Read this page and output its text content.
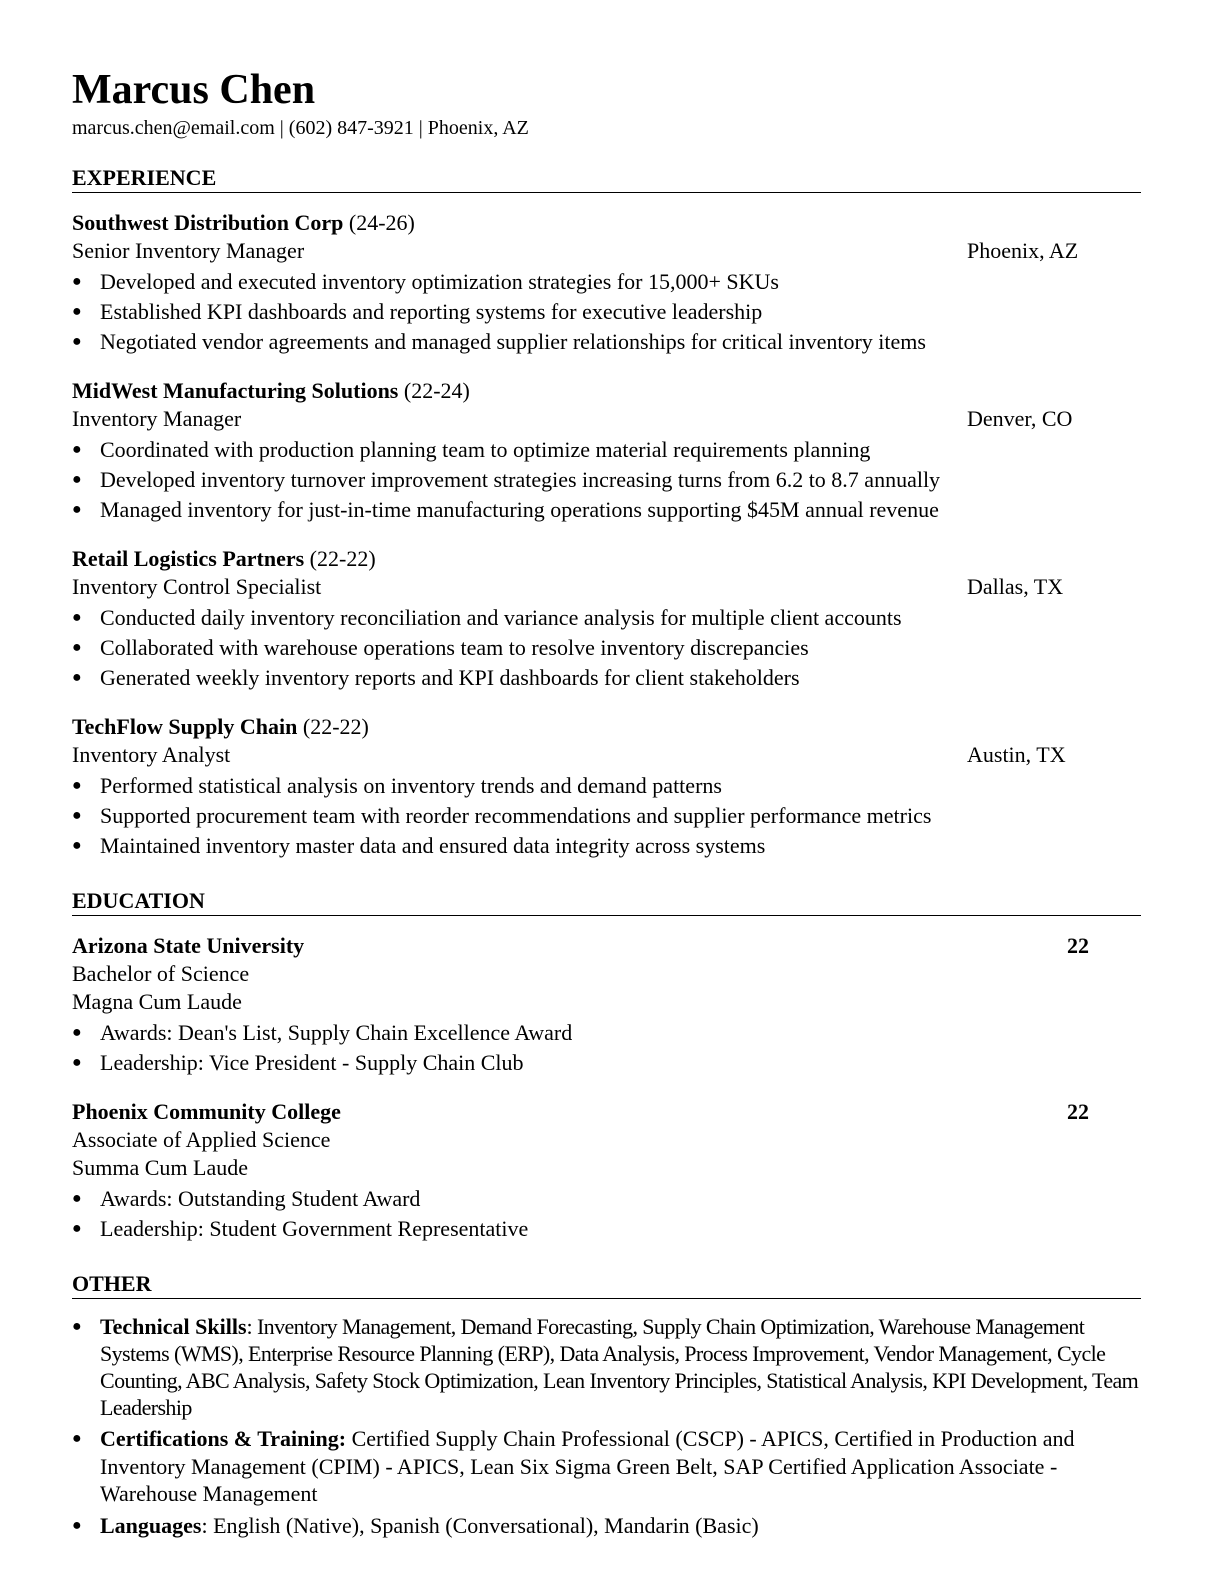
Marcus Chen
marcus.chen@email.com | (602) 847-3921 | Phoenix, AZ
EXPERIENCE
Southwest Distribution Corp (24-26)
Senior Inventory Manager	Phoenix, AZ
● Developed and executed inventory optimization strategies for 15,000+ SKUs
● Established KPI dashboards and reporting systems for executive leadership
● Negotiated vendor agreements and managed supplier relationships for critical inventory items
MidWest Manufacturing Solutions (22-24)
Inventory Manager	Denver, CO
● Coordinated with production planning team to optimize material requirements planning
● Developed inventory turnover improvement strategies increasing turns from 6.2 to 8.7 annually
● Managed inventory for just-in-time manufacturing operations supporting $45M annual revenue
Retail Logistics Partners (22-22)
Inventory Control Specialist	Dallas, TX
● Conducted daily inventory reconciliation and variance analysis for multiple client accounts
● Collaborated with warehouse operations team to resolve inventory discrepancies
● Generated weekly inventory reports and KPI dashboards for client stakeholders
TechFlow Supply Chain (22-22)
Inventory Analyst	Austin, TX
● Performed statistical analysis on inventory trends and demand patterns
● Supported procurement team with reorder recommendations and supplier performance metrics
● Maintained inventory master data and ensured data integrity across systems
EDUCATION
Arizona State University	22
Bachelor of Science
Magna Cum Laude
● Awards: Dean's List, Supply Chain Excellence Award
● Leadership: Vice President - Supply Chain Club
Phoenix Community College	22
Associate of Applied Science
Summa Cum Laude
● Awards: Outstanding Student Award
● Leadership: Student Government Representative
OTHER
● Technical Skills: Inventory Management, Demand Forecasting, Supply Chain Optimization, Warehouse Management Systems (WMS), Enterprise Resource Planning (ERP), Data Analysis, Process Improvement, Vendor Management, Cycle Counting, ABC Analysis, Safety Stock Optimization, Lean Inventory Principles, Statistical Analysis, KPI Development, Team Leadership
● Certifications & Training: Certified Supply Chain Professional (CSCP) - APICS, Certified in Production and Inventory Management (CPIM) - APICS, Lean Six Sigma Green Belt, SAP Certified Application Associate - Warehouse Management
● Languages: English (Native), Spanish (Conversational), Mandarin (Basic)
